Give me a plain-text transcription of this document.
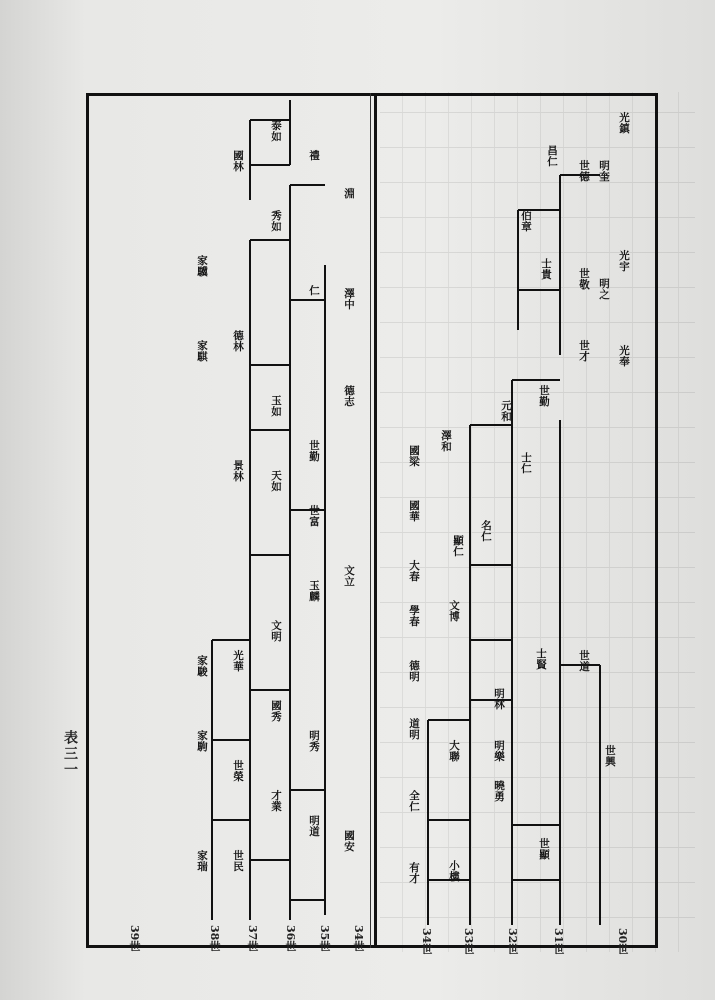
30世
31世
32世
33世
34世
34世
35世
36世
37世
38世
39世
光鎮
光宇
光奉
明奎
明之
世德
世敬
世才
世道
世興
世勤
世顯
昌仁
士貴
士仁
士賢
明林
明樂
曉勇
伯章
元和
名仁
顯仁
文博
大聯
小樓
澤和
國梁
國華
大春
學春
德明
道明
全仁
有才
淵
澤中
德志
文立
國安
禮
仁
世勤
世富
玉麟
明秀
明道
泰如
秀如
玉如
天如
文明
國秀
才業
國林
德林
景林
光華
世榮
世民
家驥
家騏
家駿
家駒
家瑞
表三一
